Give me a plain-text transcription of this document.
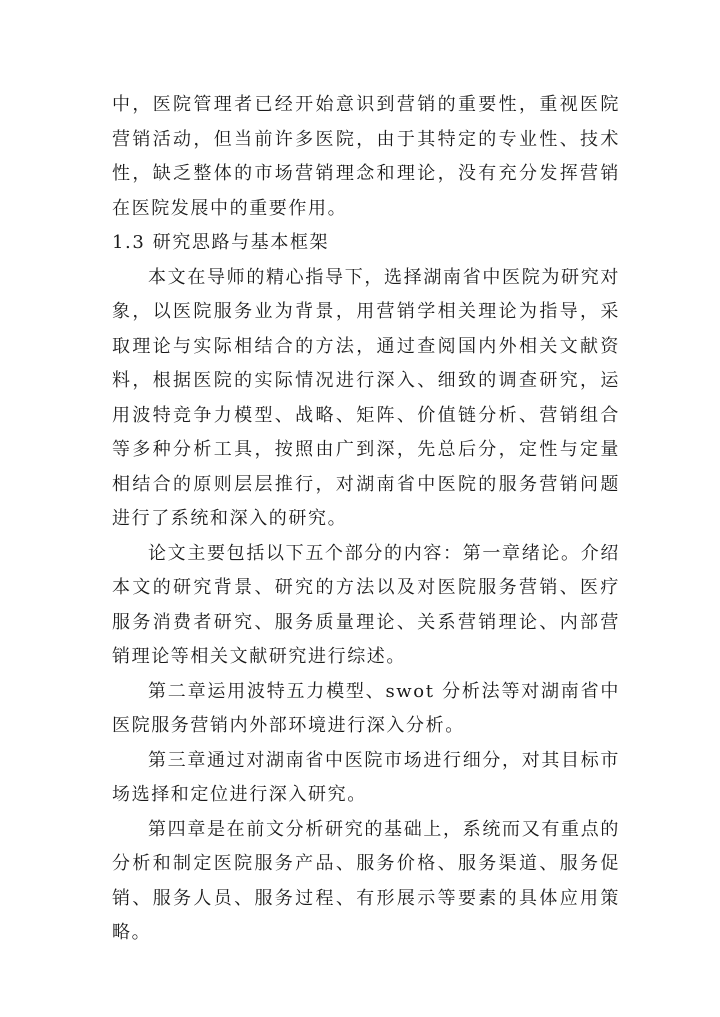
中，医院管理者已经开始意识到营销的重要性，重视医院营销活动，但当前许多医院，由于其特定的专业性、技术性，缺乏整体的市场营销理念和理论，没有充分发挥营销在医院发展中的重要作用。

1.3 研究思路与基本框架

本文在导师的精心指导下，选择湖南省中医院为研究对象，以医院服务业为背景，用营销学相关理论为指导，采取理论与实际相结合的方法，通过查阅国内外相关文献资料，根据医院的实际情况进行深入、细致的调查研究，运用波特竞争力模型、战略、矩阵、价值链分析、营销组合等多种分析工具，按照由广到深，先总后分，定性与定量相结合的原则层层推行，对湖南省中医院的服务营销问题进行了系统和深入的研究。

论文主要包括以下五个部分的内容：第一章绪论。介绍本文的研究背景、研究的方法以及对医院服务营销、医疗服务消费者研究、服务质量理论、关系营销理论、内部营销理论等相关文献研究进行综述。

第二章运用波特五力模型、swot 分析法等对湖南省中医院服务营销内外部环境进行深入分析。

第三章通过对湖南省中医院市场进行细分，对其目标市场选择和定位进行深入研究。

第四章是在前文分析研究的基础上，系统而又有重点的分析和制定医院服务产品、服务价格、服务渠道、服务促销、服务人员、服务过程、有形展示等要素的具体应用策略。
